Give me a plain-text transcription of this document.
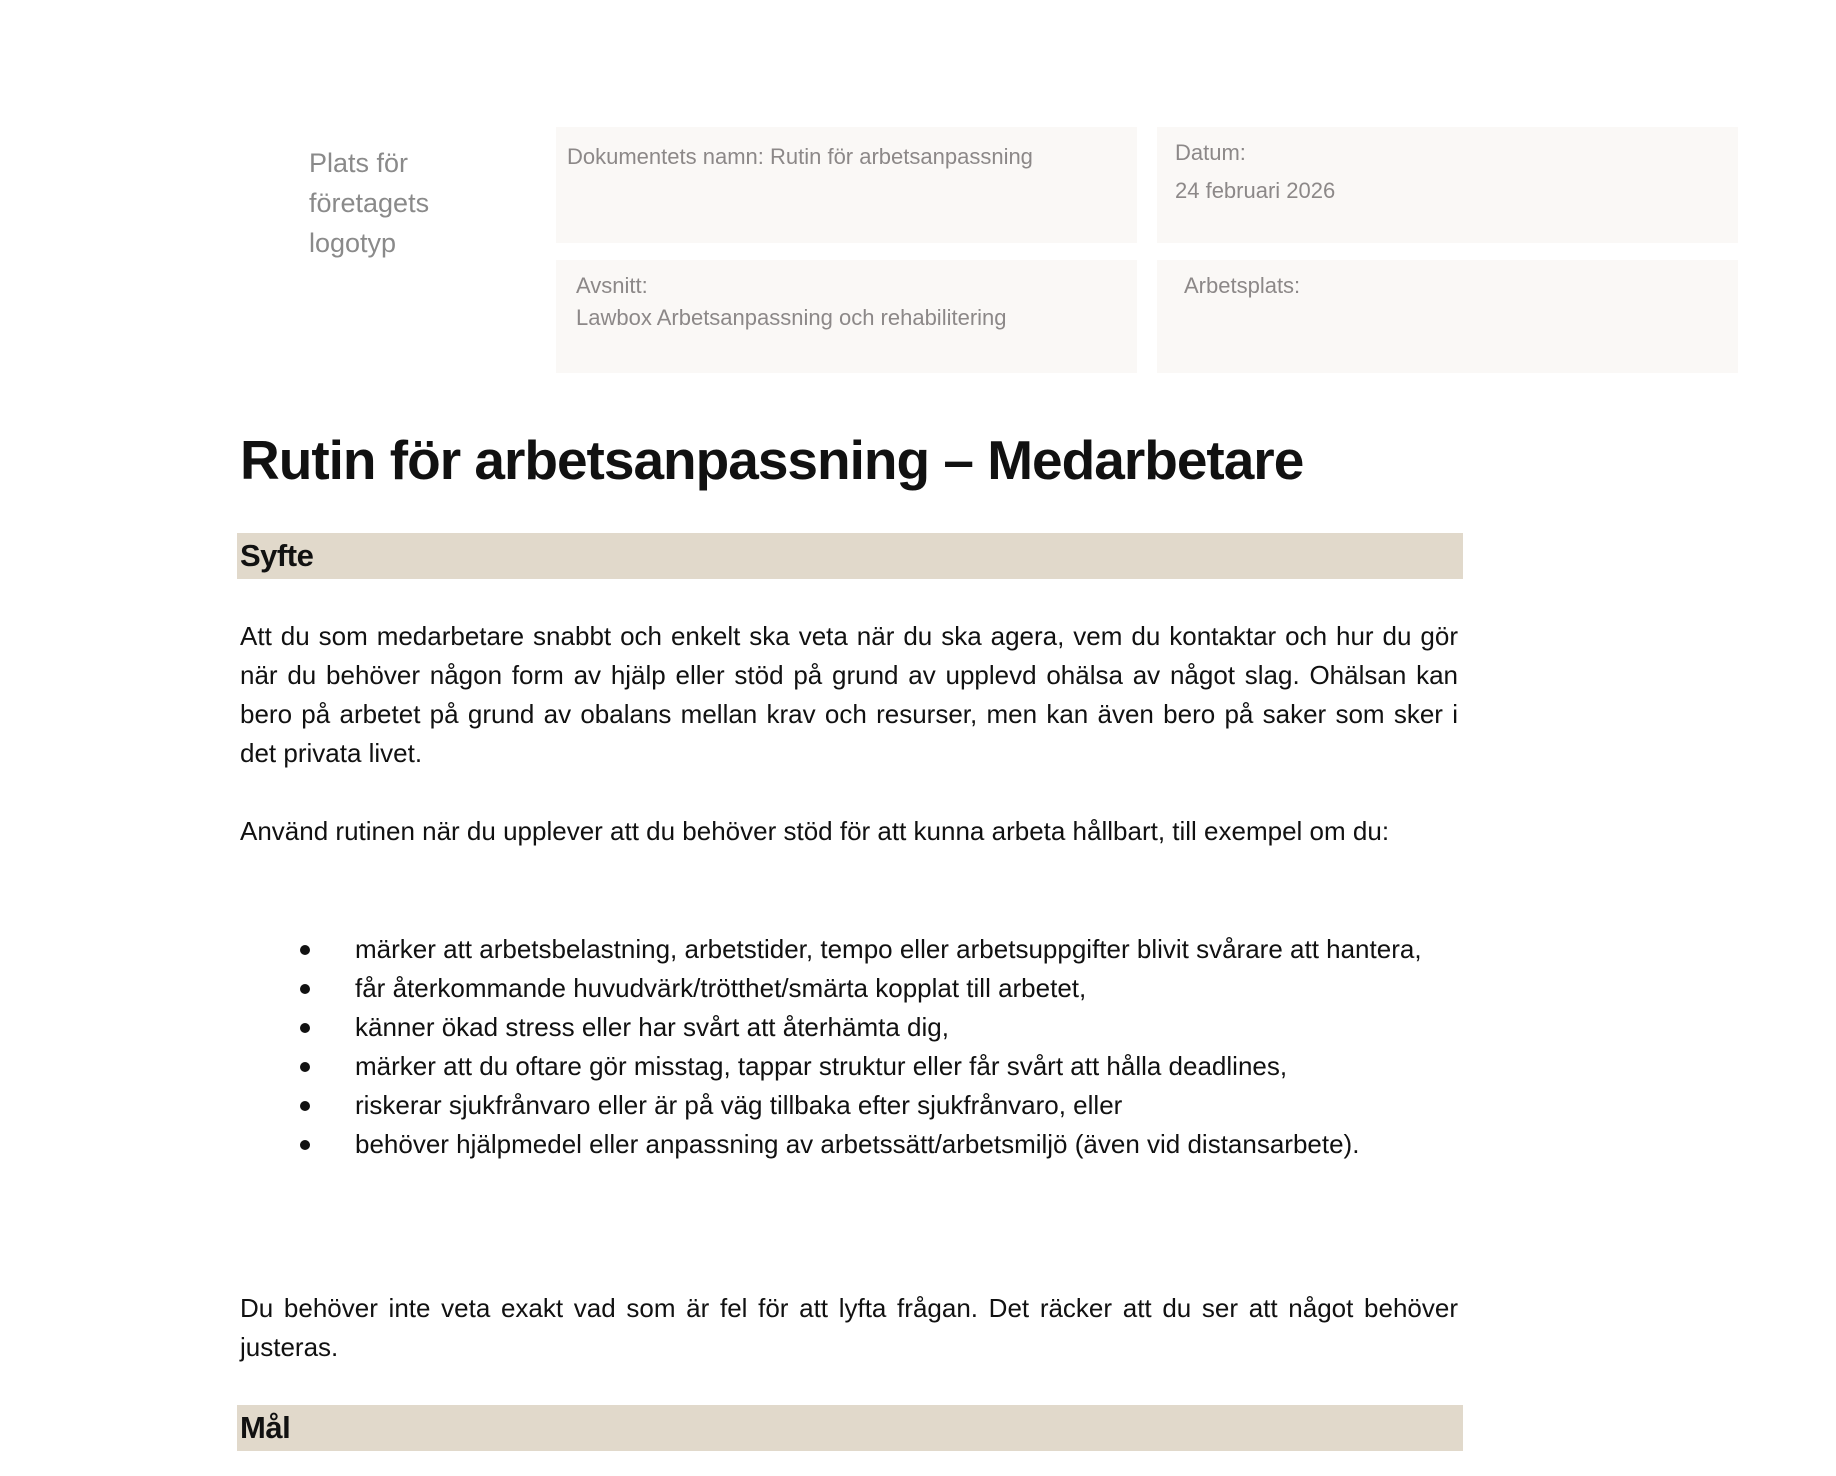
Plats för
företagets
logotyp
Dokumentets namn: Rutin för arbetsanpassning	Datum:
24 februari 2026
Avsnitt:
Lawbox Arbetsanpassning och rehabilitering
Arbetsplats:
Rutin för arbetsanpassning – Medarbetare
Syfte

Att du som medarbetare snabbt och enkelt ska veta när du ska agera, vem du kontaktar och hur du gör när du behöver någon form av hjälp eller stöd på grund av upplevd ohälsa av något slag. Ohälsan kan bero på arbetet på grund av obalans mellan krav och resurser, men kan även bero på saker som sker i det privata livet.

Använd rutinen när du upplever att du behöver stöd för att kunna arbeta hållbart, till exempel om du:

märker att arbetsbelastning, arbetstider, tempo eller arbetsuppgifter blivit svårare att hantera,
får återkommande huvudvärk/trötthet/smärta kopplat till arbetet,
känner ökad stress eller har svårt att återhämta dig,
märker att du oftare gör misstag, tappar struktur eller får svårt att hålla deadlines,
riskerar sjukfrånvaro eller är på väg tillbaka efter sjukfrånvaro, eller
behöver hjälpmedel eller anpassning av arbetssätt/arbetsmiljö (även vid distansarbete).

Du behöver inte veta exakt vad som är fel för att lyfta frågan. Det räcker att du ser att något behöver justeras.

Mål
